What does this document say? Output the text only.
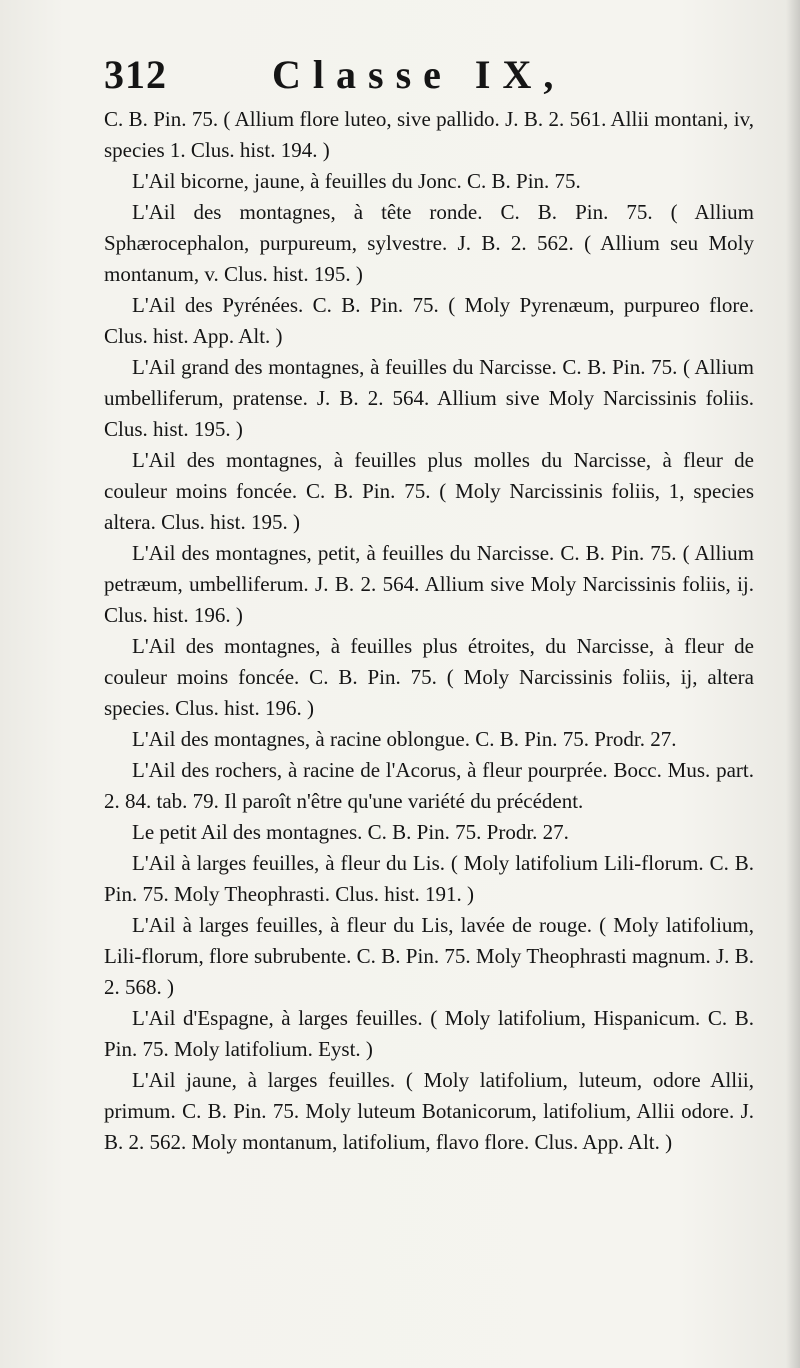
312	Classe IX,

C. B. Pin. 75. ( Allium flore luteo, sive pallido. J. B. 2. 561. Allii montani, iv, species 1. Clus. hist. 194. )

L'Ail bicorne, jaune, à feuilles du Jonc. C. B. Pin. 75.

L'Ail des montagnes, à tête ronde. C. B. Pin. 75. ( Allium Sphærocephalon, purpureum, sylvestre. J. B. 2. 562. ( Allium seu Moly montanum, v. Clus. hist. 195. )

L'Ail des Pyrénées. C. B. Pin. 75. ( Moly Pyrenæum, purpureo flore. Clus. hist. App. Alt. )

L'Ail grand des montagnes, à feuilles du Narcisse. C. B. Pin. 75. ( Allium umbelliferum, pratense. J. B. 2. 564. Allium sive Moly Narcissinis foliis. Clus. hist. 195. )

L'Ail des montagnes, à feuilles plus molles du Narcisse, à fleur de couleur moins foncée. C. B. Pin. 75. ( Moly Narcissinis foliis, 1, species altera. Clus. hist. 195. )

L'Ail des montagnes, petit, à feuilles du Narcisse. C. B. Pin. 75. ( Allium petræum, umbelliferum. J. B. 2. 564. Allium sive Moly Narcissinis foliis, ij. Clus. hist. 196. )

L'Ail des montagnes, à feuilles plus étroites, du Narcisse, à fleur de couleur moins foncée. C. B. Pin. 75. ( Moly Narcissinis foliis, ij, altera species. Clus. hist. 196. )

L'Ail des montagnes, à racine oblongue. C. B. Pin. 75. Prodr. 27.

L'Ail des rochers, à racine de l'Acorus, à fleur pourprée. Bocc. Mus. part. 2. 84. tab. 79. Il paroît n'être qu'une variété du précédent.

Le petit Ail des montagnes. C. B. Pin. 75. Prodr. 27.

L'Ail à larges feuilles, à fleur du Lis. ( Moly latifolium Lili-florum. C. B. Pin. 75. Moly Theophrasti. Clus. hist. 191. )

L'Ail à larges feuilles, à fleur du Lis, lavée de rouge. ( Moly latifolium, Lili-florum, flore subrubente. C. B. Pin. 75. Moly Theophrasti magnum. J. B. 2. 568. )

L'Ail d'Espagne, à larges feuilles. ( Moly latifolium, Hispanicum. C. B. Pin. 75. Moly latifolium. Eyst. )

L'Ail jaune, à larges feuilles. ( Moly latifolium, luteum, odore Allii, primum. C. B. Pin. 75. Moly luteum Botanicorum, latifolium, Allii odore. J. B. 2. 562. Moly montanum, latifolium, flavo flore. Clus. App. Alt. )
